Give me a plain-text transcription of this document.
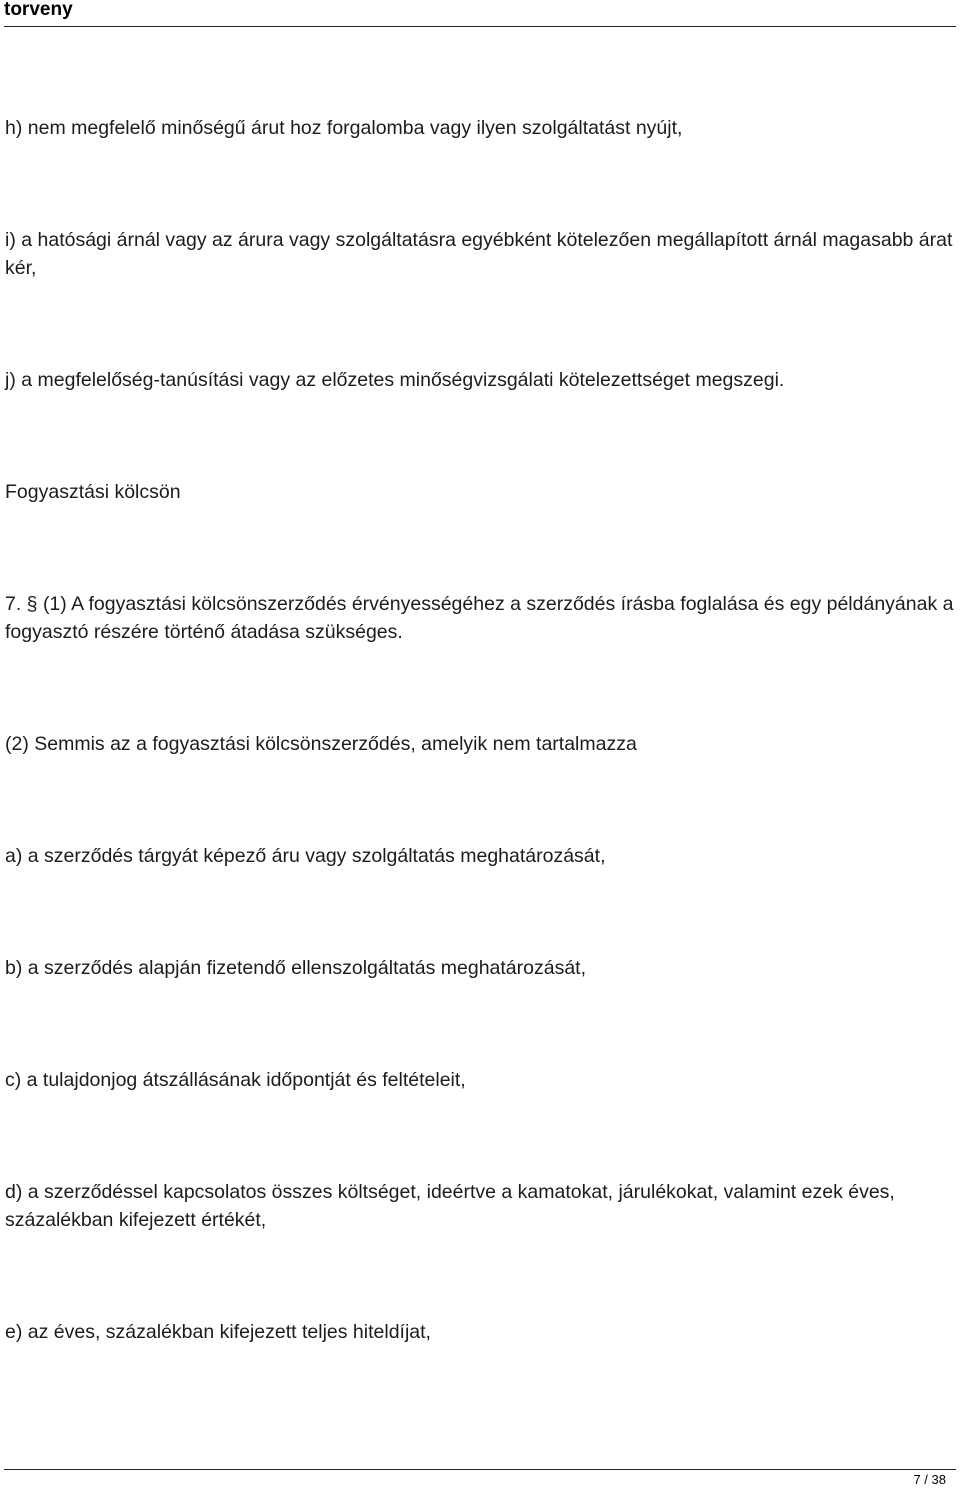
torveny

h) nem megfelelő minőségű árut hoz forgalomba vagy ilyen szolgáltatást nyújt,

i) a hatósági árnál vagy az árura vagy szolgáltatásra egyébként kötelezően megállapított árnál magasabb árat kér,

j) a megfelelőség-tanúsítási vagy az előzetes minőségvizsgálati kötelezettséget megszegi.

Fogyasztási kölcsön

7. § (1) A fogyasztási kölcsönszerződés érvényességéhez a szerződés írásba foglalása és egy példányának a fogyasztó részére történő átadása szükséges.

(2) Semmis az a fogyasztási kölcsönszerződés, amelyik nem tartalmazza

a) a szerződés tárgyát képező áru vagy szolgáltatás meghatározását,

b) a szerződés alapján fizetendő ellenszolgáltatás meghatározását,

c) a tulajdonjog átszállásának időpontját és feltételeit,

d) a szerződéssel kapcsolatos összes költséget, ideértve a kamatokat, járulékokat, valamint ezek éves, százalékban kifejezett értékét,

e) az éves, százalékban kifejezett teljes hiteldíjat,

7 / 38
